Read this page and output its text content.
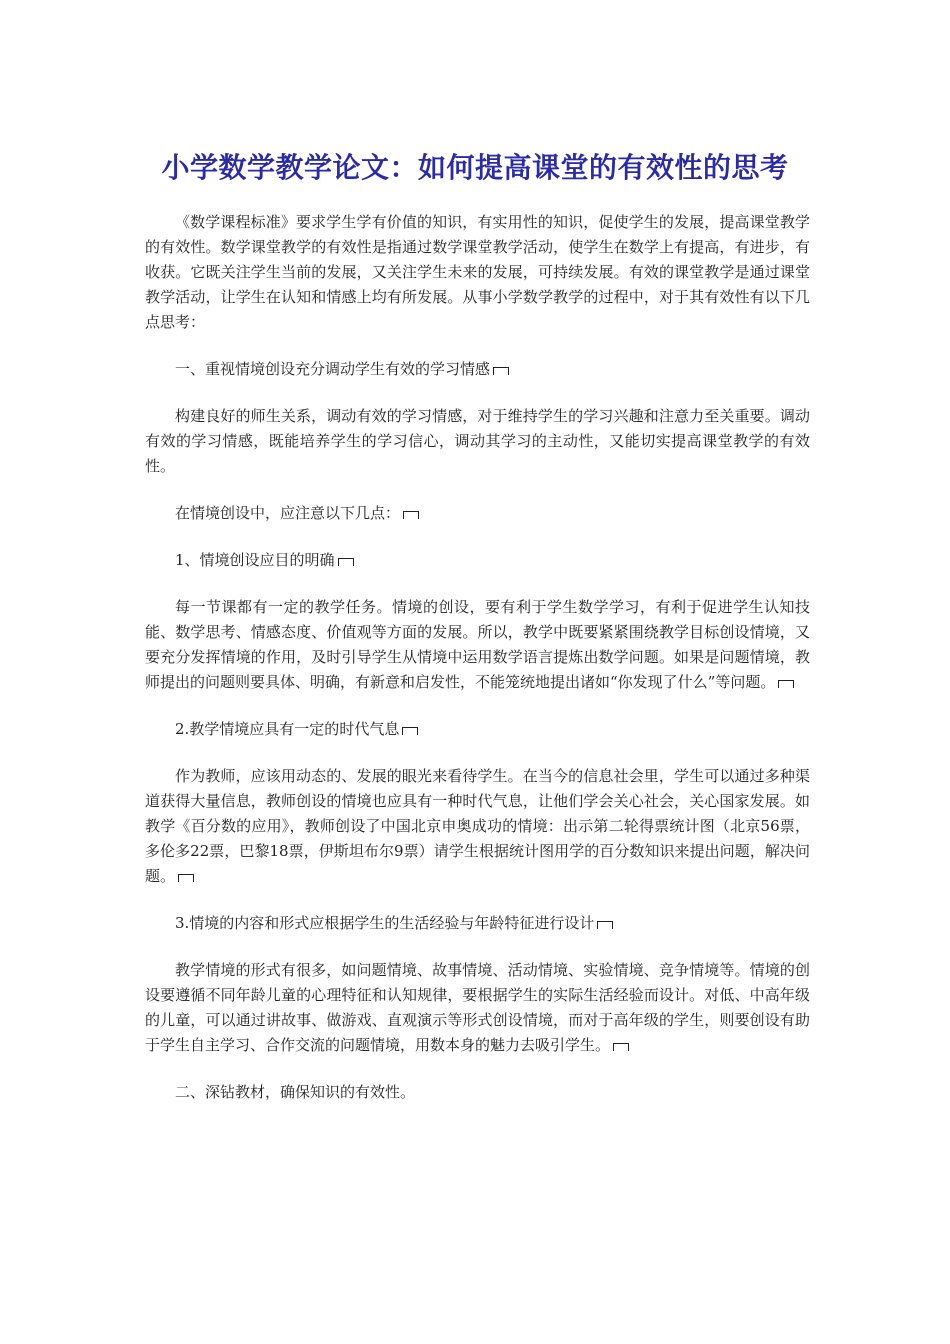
小学数学教学论文：如何提高课堂的有效性的思考

《数学课程标准》要求学生学有价值的知识，有实用性的知识，促使学生的发展，提高课堂教学的有效性。数学课堂教学的有效性是指通过数学课堂教学活动，使学生在数学上有提高，有进步，有收获。它既关注学生当前的发展，又关注学生未来的发展，可持续发展。有效的课堂教学是通过课堂教学活动，让学生在认知和情感上均有所发展。从事小学数学教学的过程中，对于其有效性有以下几点思考：

一、重视情境创设充分调动学生有效的学习情感

构建良好的师生关系，调动有效的学习情感，对于维持学生的学习兴趣和注意力至关重要。调动有效的学习情感，既能培养学生的学习信心，调动其学习的主动性，又能切实提高课堂教学的有效性。

在情境创设中，应注意以下几点：

1、情境创设应目的明确

每一节课都有一定的教学任务。情境的创设，要有利于学生数学学习，有利于促进学生认知技能、数学思考、情感态度、价值观等方面的发展。所以，教学中既要紧紧围绕教学目标创设情境，又要充分发挥情境的作用，及时引导学生从情境中运用数学语言提炼出数学问题。如果是问题情境，教师提出的问题则要具体、明确，有新意和启发性，不能笼统地提出诸如“你发现了什么”等问题。

2.教学情境应具有一定的时代气息

作为教师，应该用动态的、发展的眼光来看待学生。在当今的信息社会里，学生可以通过多种渠道获得大量信息，教师创设的情境也应具有一种时代气息，让他们学会关心社会，关心国家发展。如教学《百分数的应用》，教师创设了中国北京申奥成功的情境：出示第二轮得票统计图（北京56票，多伦多22票，巴黎18票，伊斯坦布尔9票）请学生根据统计图用学的百分数知识来提出问题，解决问题。

3.情境的内容和形式应根据学生的生活经验与年龄特征进行设计

教学情境的形式有很多，如问题情境、故事情境、活动情境、实验情境、竞争情境等。情境的创设要遵循不同年龄儿童的心理特征和认知规律，要根据学生的实际生活经验而设计。对低、中高年级的儿童，可以通过讲故事、做游戏、直观演示等形式创设情境，而对于高年级的学生，则要创设有助于学生自主学习、合作交流的问题情境，用数本身的魅力去吸引学生。

二、深钻教材，确保知识的有效性。
